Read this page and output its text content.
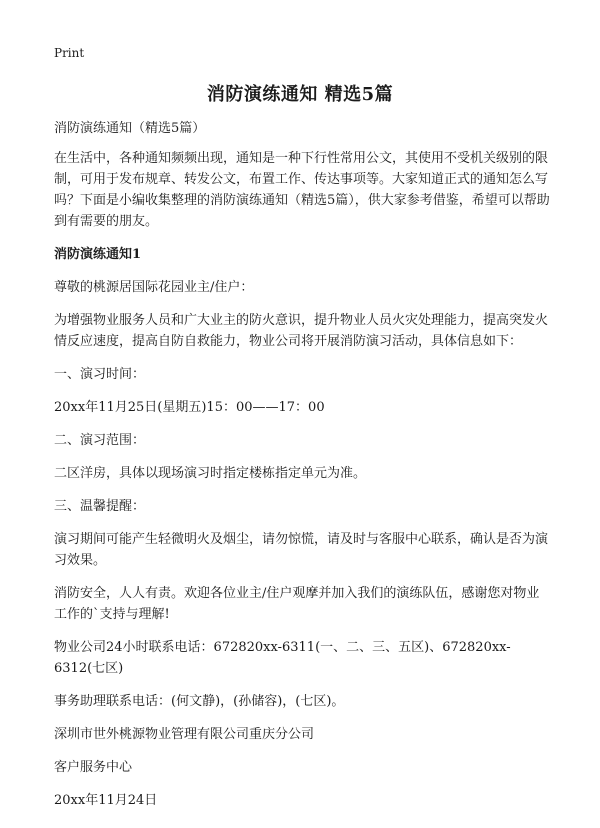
Print
消防演练通知 精选5篇

消防演练通知（精选5篇）

在生活中，各种通知频频出现，通知是一种下行性常用公文，其使用不受机关级别的限制，可用于发布规章、转发公文，布置工作、传达事项等。大家知道正式的通知怎么写吗？下面是小编收集整理的消防演练通知（精选5篇），供大家参考借鉴，希望可以帮助到有需要的朋友。

消防演练通知1

尊敬的桃源居国际花园业主/住户：

为增强物业服务人员和广大业主的防火意识，提升物业人员火灾处理能力，提高突发火情反应速度，提高自防自救能力，物业公司将开展消防演习活动，具体信息如下：

一、演习时间：

20xx年11月25日(星期五)15：00——17：00

二、演习范围：

二区洋房，具体以现场演习时指定楼栋指定单元为准。

三、温馨提醒：

演习期间可能产生轻微明火及烟尘，请勿惊慌，请及时与客服中心联系，确认是否为演习效果。

消防安全，人人有责。欢迎各位业主/住户观摩并加入我们的演练队伍，感谢您对物业工作的`支持与理解!

物业公司24小时联系电话：672820xx-6311(一、二、三、五区)、672820xx-6312(七区)

事务助理联系电话：(何文静)，(孙储容)，(七区)。

深圳市世外桃源物业管理有限公司重庆分公司

客户服务中心

20xx年11月24日
